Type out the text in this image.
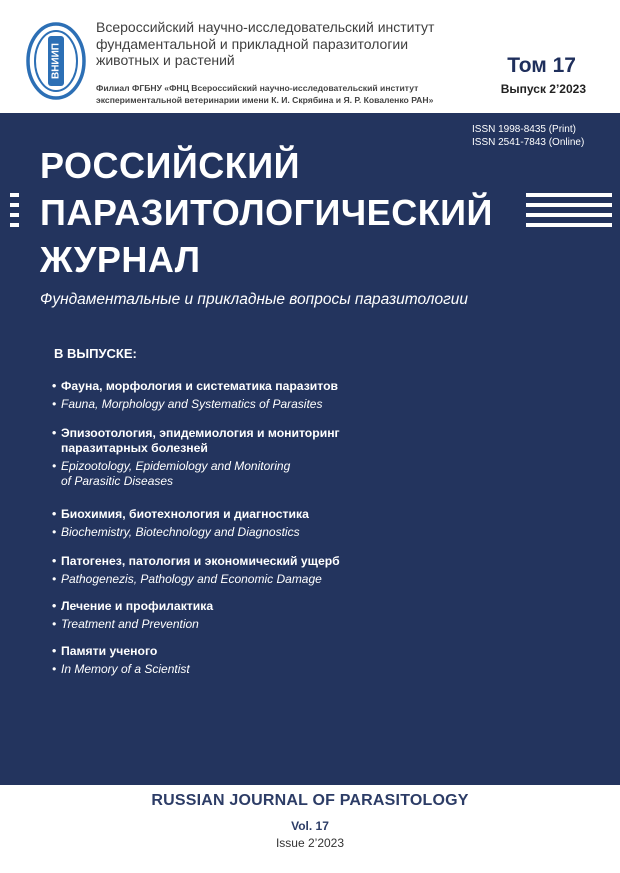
ВНИИП
Всероссийский научно-исследовательский институт
фундаментальной и прикладной паразитологии
животных и растений
Филиал ФГБНУ «ФНЦ Всероссийский научно-исследовательский институт
экспериментальной ветеринарии имени К. И. Скрябина и Я. Р. Коваленко РАН»
Том 17
Выпуск 2’2023
ISSN 1998-8435 (Print)
ISSN 2541-7843 (Online)
РОССИЙСКИЙ
ПАРАЗИТОЛОГИЧЕСКИЙ
ЖУРНАЛ
Фундаментальные и прикладные вопросы паразитологии
В ВЫПУСКЕ:
• Фауна, морфология и систематика паразитов
• Fauna, Morphology and Systematics of Parasites
• Эпизоотология, эпидемиология и мониторинг
паразитарных болезней
• Epizootology, Epidemiology and Monitoring
of Parasitic Diseases
• Биохимия, биотехнология и диагностика
• Biochemistry, Biotechnology and Diagnostics
• Патогенез, патология и экономический ущерб
• Pathogenezis, Pathology and Economic Damage
• Лечение и профилактика
• Treatment and Prevention
• Памяти ученого
• In Memory of a Scientist
RUSSIAN JOURNAL OF PARASITOLOGY
Vol. 17
Issue 2’2023
